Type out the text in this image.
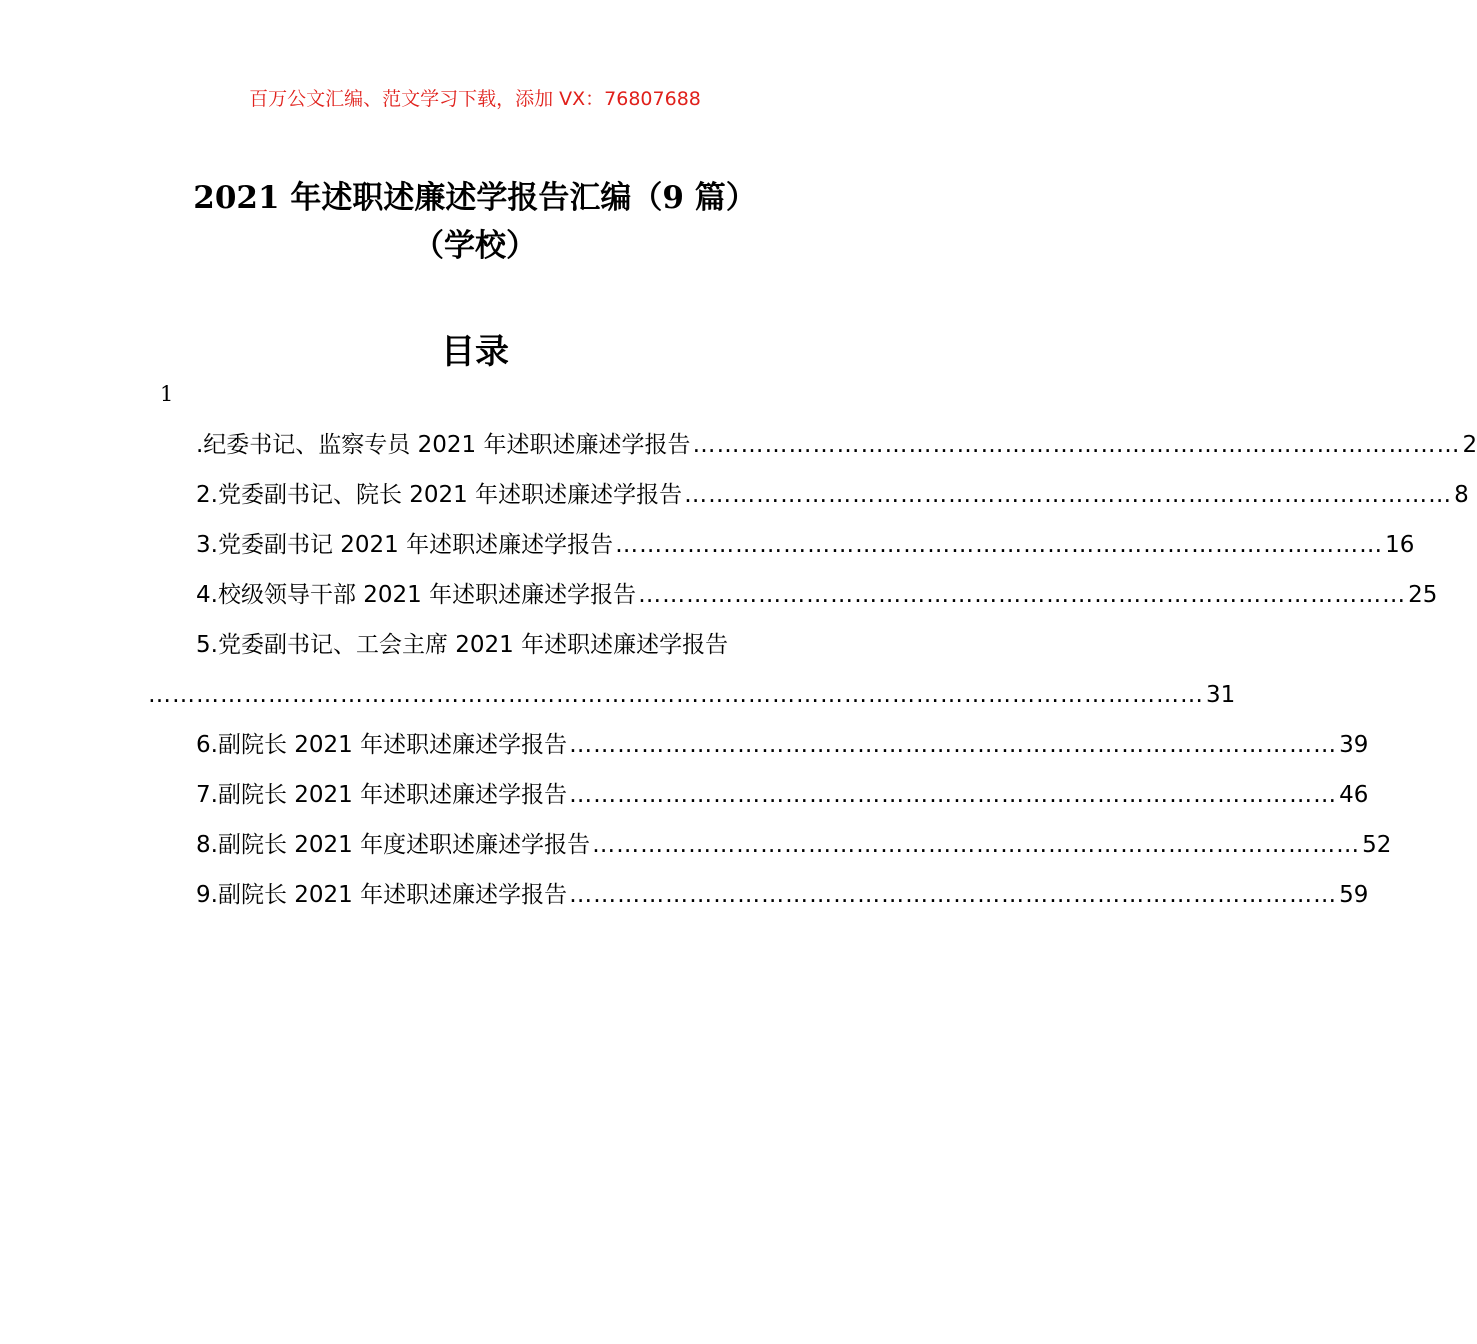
百万公文汇编、范文学习下载，添加 VX：76807688
2021 年述职述廉述学报告汇编（9 篇）
（学校）
目录
1
.纪委书记、监察专员 2021 年述职述廉述学报告 …………………………………………………………………………………… 2
2.党委副书记、院长 2021 年述职述廉述学报告 …………………………………………………………………………………… 8
3.党委副书记 2021 年述职述廉述学报告 …………………………………………………………………………………… 16
4.校级领导干部 2021 年述职述廉述学报告 …………………………………………………………………………………… 25
5.党委副书记、工会主席 2021 年述职述廉述学报告
…………………………………………………………………………………………………………………… 31
6.副院长 2021 年述职述廉述学报告 …………………………………………………………………………………… 39
7.副院长 2021 年述职述廉述学报告 …………………………………………………………………………………… 46
8.副院长 2021 年度述职述廉述学报告 …………………………………………………………………………………… 52
9.副院长 2021 年述职述廉述学报告 …………………………………………………………………………………… 59
